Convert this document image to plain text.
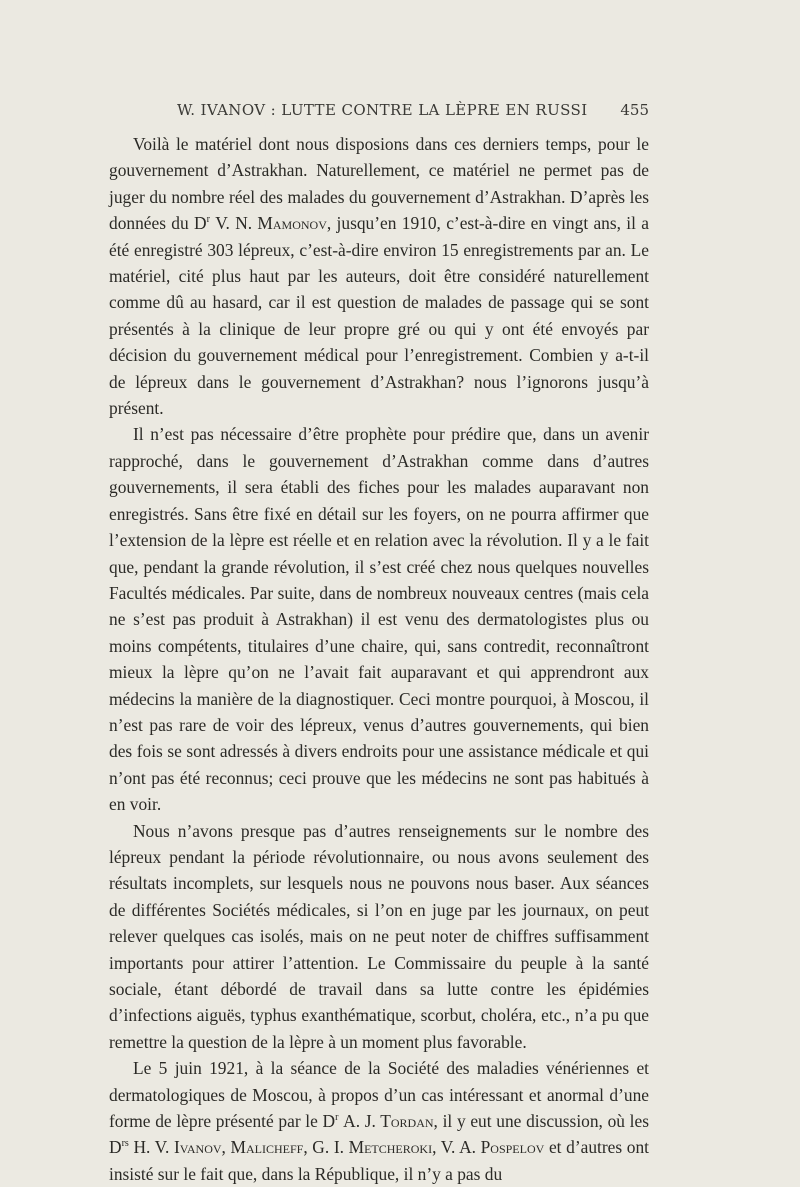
W. IVANOV : LUTTE CONTRE LA LÈPRE EN RUSSI 455

Voilà le matériel dont nous disposions dans ces derniers temps, pour le gouvernement d’Astrakhan. Naturellement, ce matériel ne permet pas de juger du nombre réel des malades du gouvernement d’Astrakhan. D’après les données du $D^r$ V. N. Mamonov, jusqu’en 1910, c’est-à-dire en vingt ans, il a été enregistré 303 lépreux, c’est-à-dire environ 15 enregistrements par an. Le matériel, cité plus haut par les auteurs, doit être considéré naturellement comme dû au hasard, car il est question de malades de passage qui se sont présentés à la clinique de leur propre gré ou qui y ont été envoyés par décision du gouvernement médical pour l’enregistrement. Combien y a-t-il de lépreux dans le gouvernement d’Astrakhan? nous l’ignorons jusqu’à présent.

Il n’est pas nécessaire d’être prophète pour prédire que, dans un avenir rapproché, dans le gouvernement d’Astrakhan comme dans d’autres gouvernements, il sera établi des fiches pour les malades auparavant non enregistrés. Sans être fixé en détail sur les foyers, on ne pourra affirmer que l’extension de la lèpre est réelle et en relation avec la révolution. Il y a le fait que, pendant la grande révolution, il s’est créé chez nous quelques nouvelles Facultés médicales. Par suite, dans de nombreux nouveaux centres (mais cela ne s’est pas produit à Astrakhan) il est venu des dermatologistes plus ou moins compétents, titulaires d’une chaire, qui, sans contredit, reconnaîtront mieux la lèpre qu’on ne l’avait fait auparavant et qui apprendront aux médecins la manière de la diagnostiquer. Ceci montre pourquoi, à Moscou, il n’est pas rare de voir des lépreux, venus d’autres gouvernements, qui bien des fois se sont adressés à divers endroits pour une assistance médicale et qui n’ont pas été reconnus; ceci prouve que les médecins ne sont pas habitués à en voir.

Nous n’avons presque pas d’autres renseignements sur le nombre des lépreux pendant la période révolutionnaire, ou nous avons seulement des résultats incomplets, sur lesquels nous ne pouvons nous baser. Aux séances de différentes Sociétés médicales, si l’on en juge par les journaux, on peut relever quelques cas isolés, mais on ne peut noter de chiffres suffisamment importants pour attirer l’attention. Le Commissaire du peuple à la santé sociale, étant débordé de travail dans sa lutte contre les épidémies d’infections aiguës, typhus exanthématique, scorbut, choléra, etc., n’a pu que remettre la question de la lèpre à un moment plus favorable.

Le 5 juin 1921, à la séance de la Société des maladies vénériennes et dermatologiques de Moscou, à propos d’un cas intéressant et anormal d’une forme de lèpre présenté par le $D^r$ A. J. Tordan, il y eut une discussion, où les $D^{rs}$ H. V. Ivanov, Malicheff, G. I. Metcheroki, V. A. Pospelov et d’autres ont insisté sur le fait que, dans la République, il n’y a pas du
